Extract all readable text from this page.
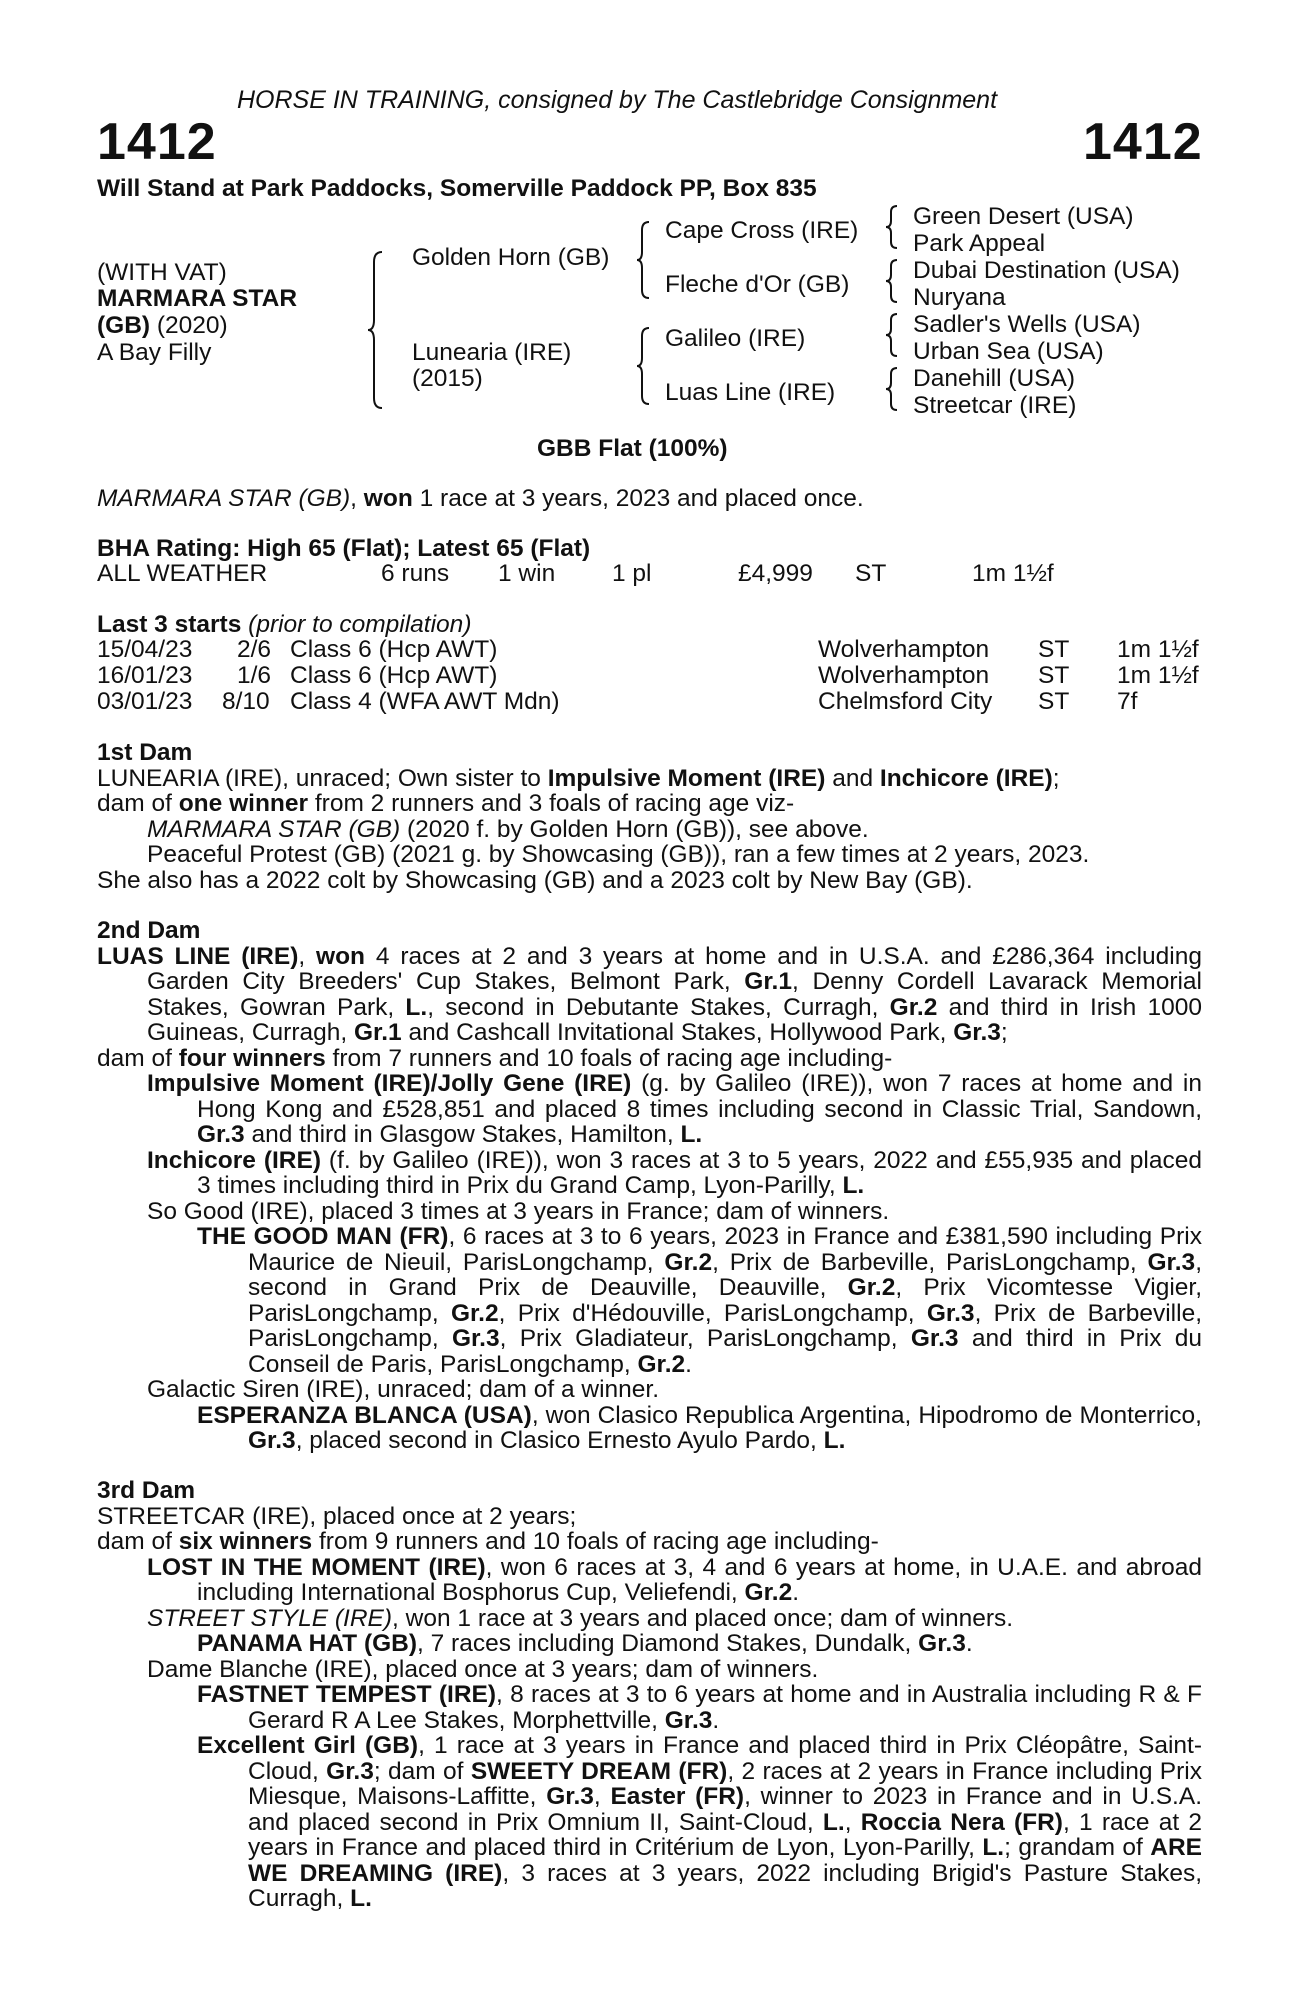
HORSE IN TRAINING, consigned by The Castlebridge Consignment
1412	1412
Will Stand at Park Paddocks, Somerville Paddock PP, Box 835
(WITH VAT)
MARMARA STAR
(GB) (2020)
A Bay Filly
Golden Horn (GB)
Lunearia (IRE)
(2015)
Cape Cross (IRE)
Fleche d'Or (GB)
Galileo (IRE)
Luas Line (IRE)
Green Desert (USA)
Park Appeal
Dubai Destination (USA)
Nuryana
Sadler's Wells (USA)
Urban Sea (USA)
Danehill (USA)
Streetcar (IRE)
GBB Flat (100%)
MARMARA STAR (GB), won 1 race at 3 years, 2023 and placed once.
BHA Rating: High 65 (Flat); Latest 65 (Flat)
ALL WEATHER	6 runs 1 win 1 pl	£4,999 ST	1m 1½f
Last 3 starts (prior to compilation)
15/04/23 2/6 Class 6 (Hcp AWT)	Wolverhampton ST 1m 1½f
16/01/23 1/6 Class 6 (Hcp AWT)	Wolverhampton ST 1m 1½f
03/01/23 8/10 Class 4 (WFA AWT Mdn)	Chelmsford City ST 7f

1st Dam

LUNEARIA (IRE), unraced; Own sister to Impulsive Moment (IRE) and Inchicore (IRE);

dam of one winner from 2 runners and 3 foals of racing age viz-

MARMARA STAR (GB) (2020 f. by Golden Horn (GB)), see above.

Peaceful Protest (GB) (2021 g. by Showcasing (GB)), ran a few times at 2 years, 2023.

She also has a 2022 colt by Showcasing (GB) and a 2023 colt by New Bay (GB).

2nd Dam

LUAS LINE (IRE), won 4 races at 2 and 3 years at home and in U.S.A. and £286,364 including Garden City Breeders' Cup Stakes, Belmont Park, Gr.1, Denny Cordell Lavarack Memorial Stakes, Gowran Park, L., second in Debutante Stakes, Curragh, Gr.2 and third in Irish 1000 Guineas, Curragh, Gr.1 and Cashcall Invitational Stakes, Hollywood Park, Gr.3;

dam of four winners from 7 runners and 10 foals of racing age including-

Impulsive Moment (IRE)/Jolly Gene (IRE) (g. by Galileo (IRE)), won 7 races at home and in Hong Kong and £528,851 and placed 8 times including second in Classic Trial, Sandown, Gr.3 and third in Glasgow Stakes, Hamilton, L.

Inchicore (IRE) (f. by Galileo (IRE)), won 3 races at 3 to 5 years, 2022 and £55,935 and placed 3 times including third in Prix du Grand Camp, Lyon-Parilly, L.

So Good (IRE), placed 3 times at 3 years in France; dam of winners.

THE GOOD MAN (FR), 6 races at 3 to 6 years, 2023 in France and £381,590 including Prix Maurice de Nieuil, ParisLongchamp, Gr.2, Prix de Barbeville, ParisLongchamp, Gr.3, second in Grand Prix de Deauville, Deauville, Gr.2, Prix Vicomtesse Vigier, ParisLongchamp, Gr.2, Prix d'Hédouville, ParisLongchamp, Gr.3, Prix de Barbeville, ParisLongchamp, Gr.3, Prix Gladiateur, ParisLongchamp, Gr.3 and third in Prix du Conseil de Paris, ParisLongchamp, Gr.2.

Galactic Siren (IRE), unraced; dam of a winner.

ESPERANZA BLANCA (USA), won Clasico Republica Argentina, Hipodromo de Monterrico, Gr.3, placed second in Clasico Ernesto Ayulo Pardo, L.

3rd Dam

STREETCAR (IRE), placed once at 2 years;

dam of six winners from 9 runners and 10 foals of racing age including-

LOST IN THE MOMENT (IRE), won 6 races at 3, 4 and 6 years at home, in U.A.E. and abroad including International Bosphorus Cup, Veliefendi, Gr.2.

STREET STYLE (IRE), won 1 race at 3 years and placed once; dam of winners.

PANAMA HAT (GB), 7 races including Diamond Stakes, Dundalk, Gr.3.

Dame Blanche (IRE), placed once at 3 years; dam of winners.

FASTNET TEMPEST (IRE), 8 races at 3 to 6 years at home and in Australia including R & F Gerard R A Lee Stakes, Morphettville, Gr.3.

Excellent Girl (GB), 1 race at 3 years in France and placed third in Prix Cléopâtre, Saint-Cloud, Gr.3; dam of SWEETY DREAM (FR), 2 races at 2 years in France including Prix Miesque, Maisons-Laffitte, Gr.3, Easter (FR), winner to 2023 in France and in U.S.A. and placed second in Prix Omnium II, Saint-Cloud, L., Roccia Nera (FR), 1 race at 2 years in France and placed third in Critérium de Lyon, Lyon-Parilly, L.; grandam of ARE WE DREAMING (IRE), 3 races at 3 years, 2022 including Brigid's Pasture Stakes, Curragh, L.
